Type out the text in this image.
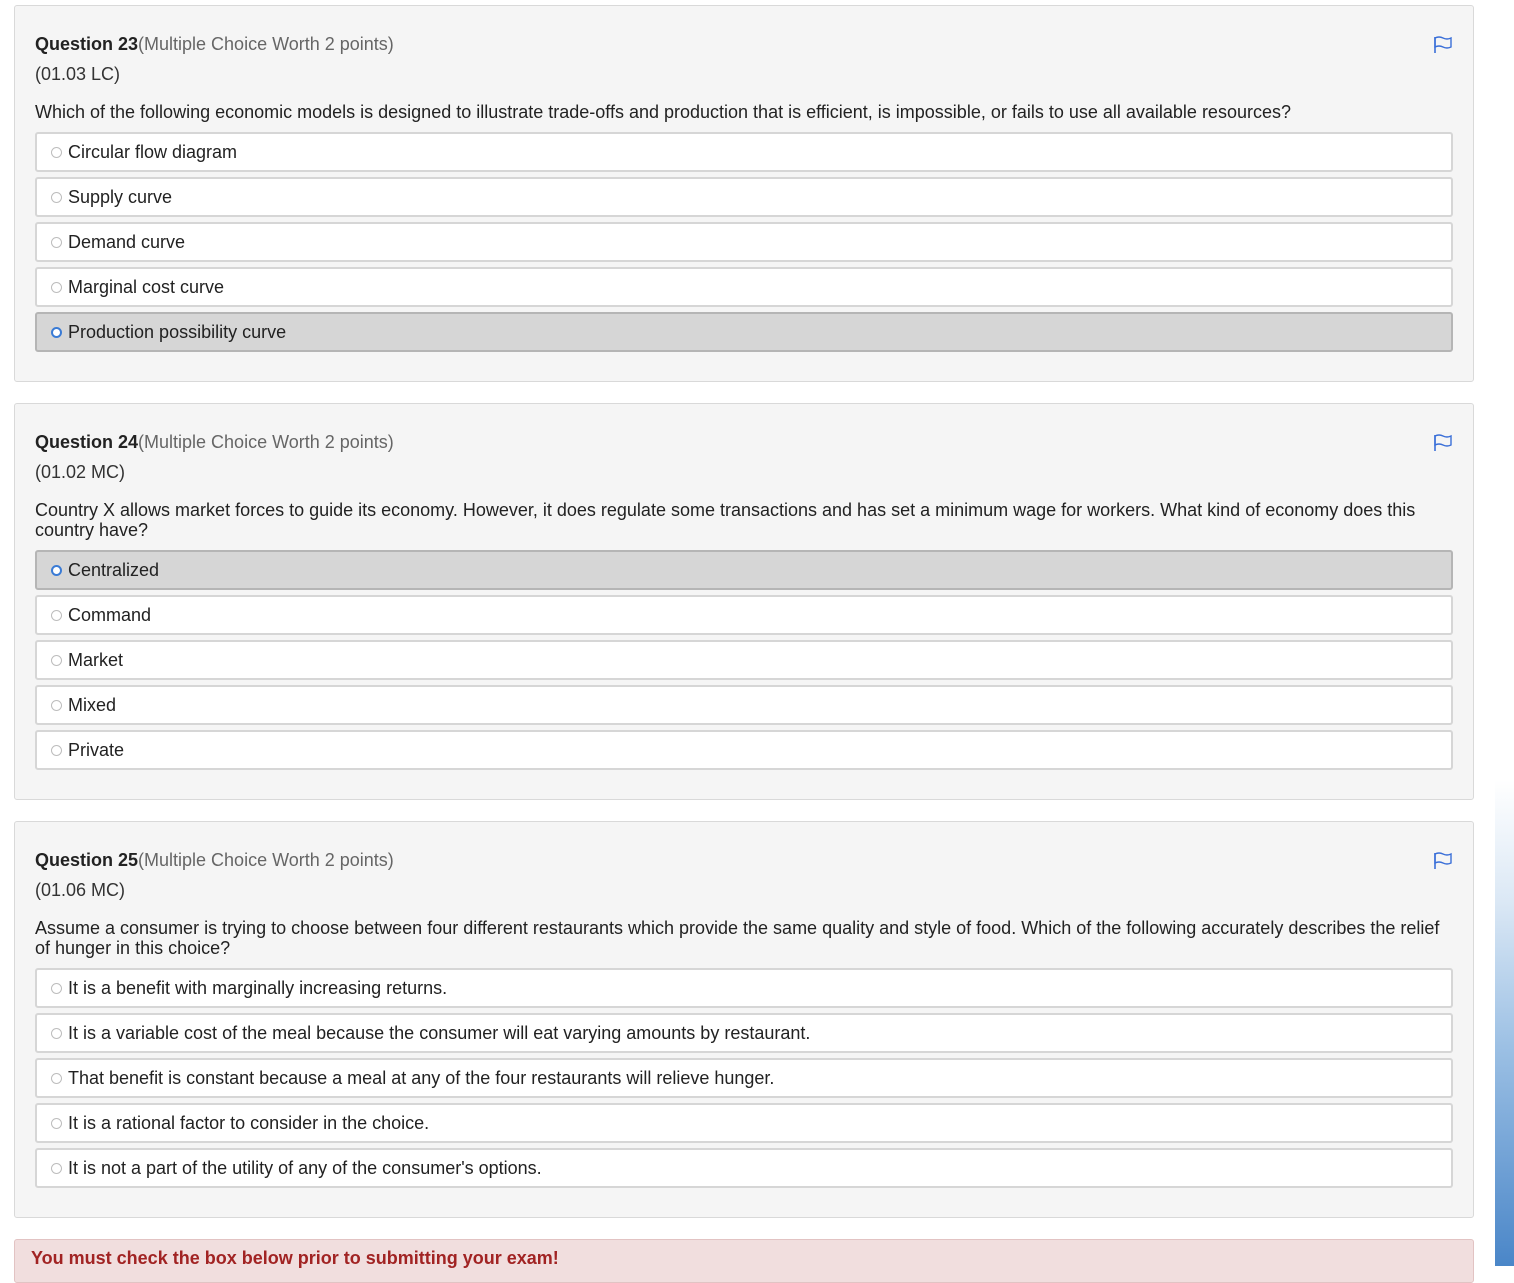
Question 23(Multiple Choice Worth 2 points)
(01.03 LC)
Which of the following economic models is designed to illustrate trade-offs and production that is efficient, is impossible, or fails to use all available resources?
Circular flow diagram
Supply curve
Demand curve
Marginal cost curve
Production possibility curve
Question 24(Multiple Choice Worth 2 points)
(01.02 MC)
Country X allows market forces to guide its economy. However, it does regulate some transactions and has set a minimum wage for workers. What kind of economy does this country have?
Centralized
Command
Market
Mixed
Private
Question 25(Multiple Choice Worth 2 points)
(01.06 MC)
Assume a consumer is trying to choose between four different restaurants which provide the same quality and style of food. Which of the following accurately describes the relief of hunger in this choice?
It is a benefit with marginally increasing returns.
It is a variable cost of the meal because the consumer will eat varying amounts by restaurant.
That benefit is constant because a meal at any of the four restaurants will relieve hunger.
It is a rational factor to consider in the choice.
It is not a part of the utility of any of the consumer's options.
You must check the box below prior to submitting your exam!
